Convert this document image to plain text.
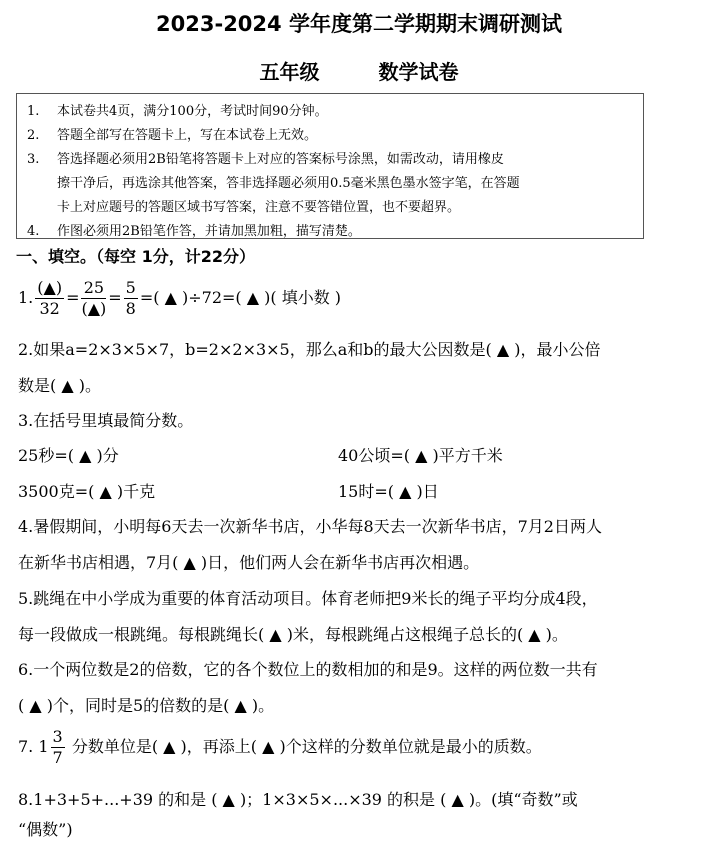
2023-2024 学年度第二学期期末调研测试
五年级	数学试卷
1.	本试卷共4页，满分100分，考试时间90分钟。
2.	答题全部写在答题卡上，写在本试卷上无效。
3.	答选择题必须用2B铅笔将答题卡上对应的答案标号涂黑，如需改动，请用橡皮
擦干净后，再选涂其他答案，答非选择题必须用0.5毫米黑色墨水签字笔，在答题
卡上对应题号的答题区域书写答案，注意不要答错位置，也不要超界。
4.	作图必须用2B铅笔作答，并请加黑加粗，描写清楚。
一、填空。（每空 1分，计22分）
1. $\frac{(▲)}{32} = \frac{25}{(▲)} = \frac{5}{8}$ =( ▲ )÷72=( ▲ )( 填小数 )
2.如果a=2×3×5×7，b=2×2×3×5，那么a和b的最大公因数是( ▲ )，最小公倍
数是( ▲ )。
3.在括号里填最简分数。
25秒=( ▲ )分	40公顷=( ▲ )平方千米
3500克=( ▲ )千克	15时=( ▲ )日
4.暑假期间，小明每6天去一次新华书店，小华每8天去一次新华书店，7月2日两人
在新华书店相遇，7月( ▲ )日，他们两人会在新华书店再次相遇。
5.跳绳在中小学成为重要的体育活动项目。体育老师把9米长的绳子平均分成4段，
每一段做成一根跳绳。每根跳绳长( ▲ )米，每根跳绳占这根绳子总长的( ▲ )。
6.一个两位数是2的倍数，它的各个数位上的数相加的和是9。这样的两位数一共有
( ▲ )个，同时是5的倍数的是( ▲ )。
7. $1 \frac{3}{7}$ 分数单位是( ▲ )，再添上( ▲ )个这样的分数单位就是最小的质数。
8.1+3+5+...+39 的和是 ( ▲ )；1×3×5×...×39 的积是 ( ▲ )。(填“奇数”或
“偶数”)
